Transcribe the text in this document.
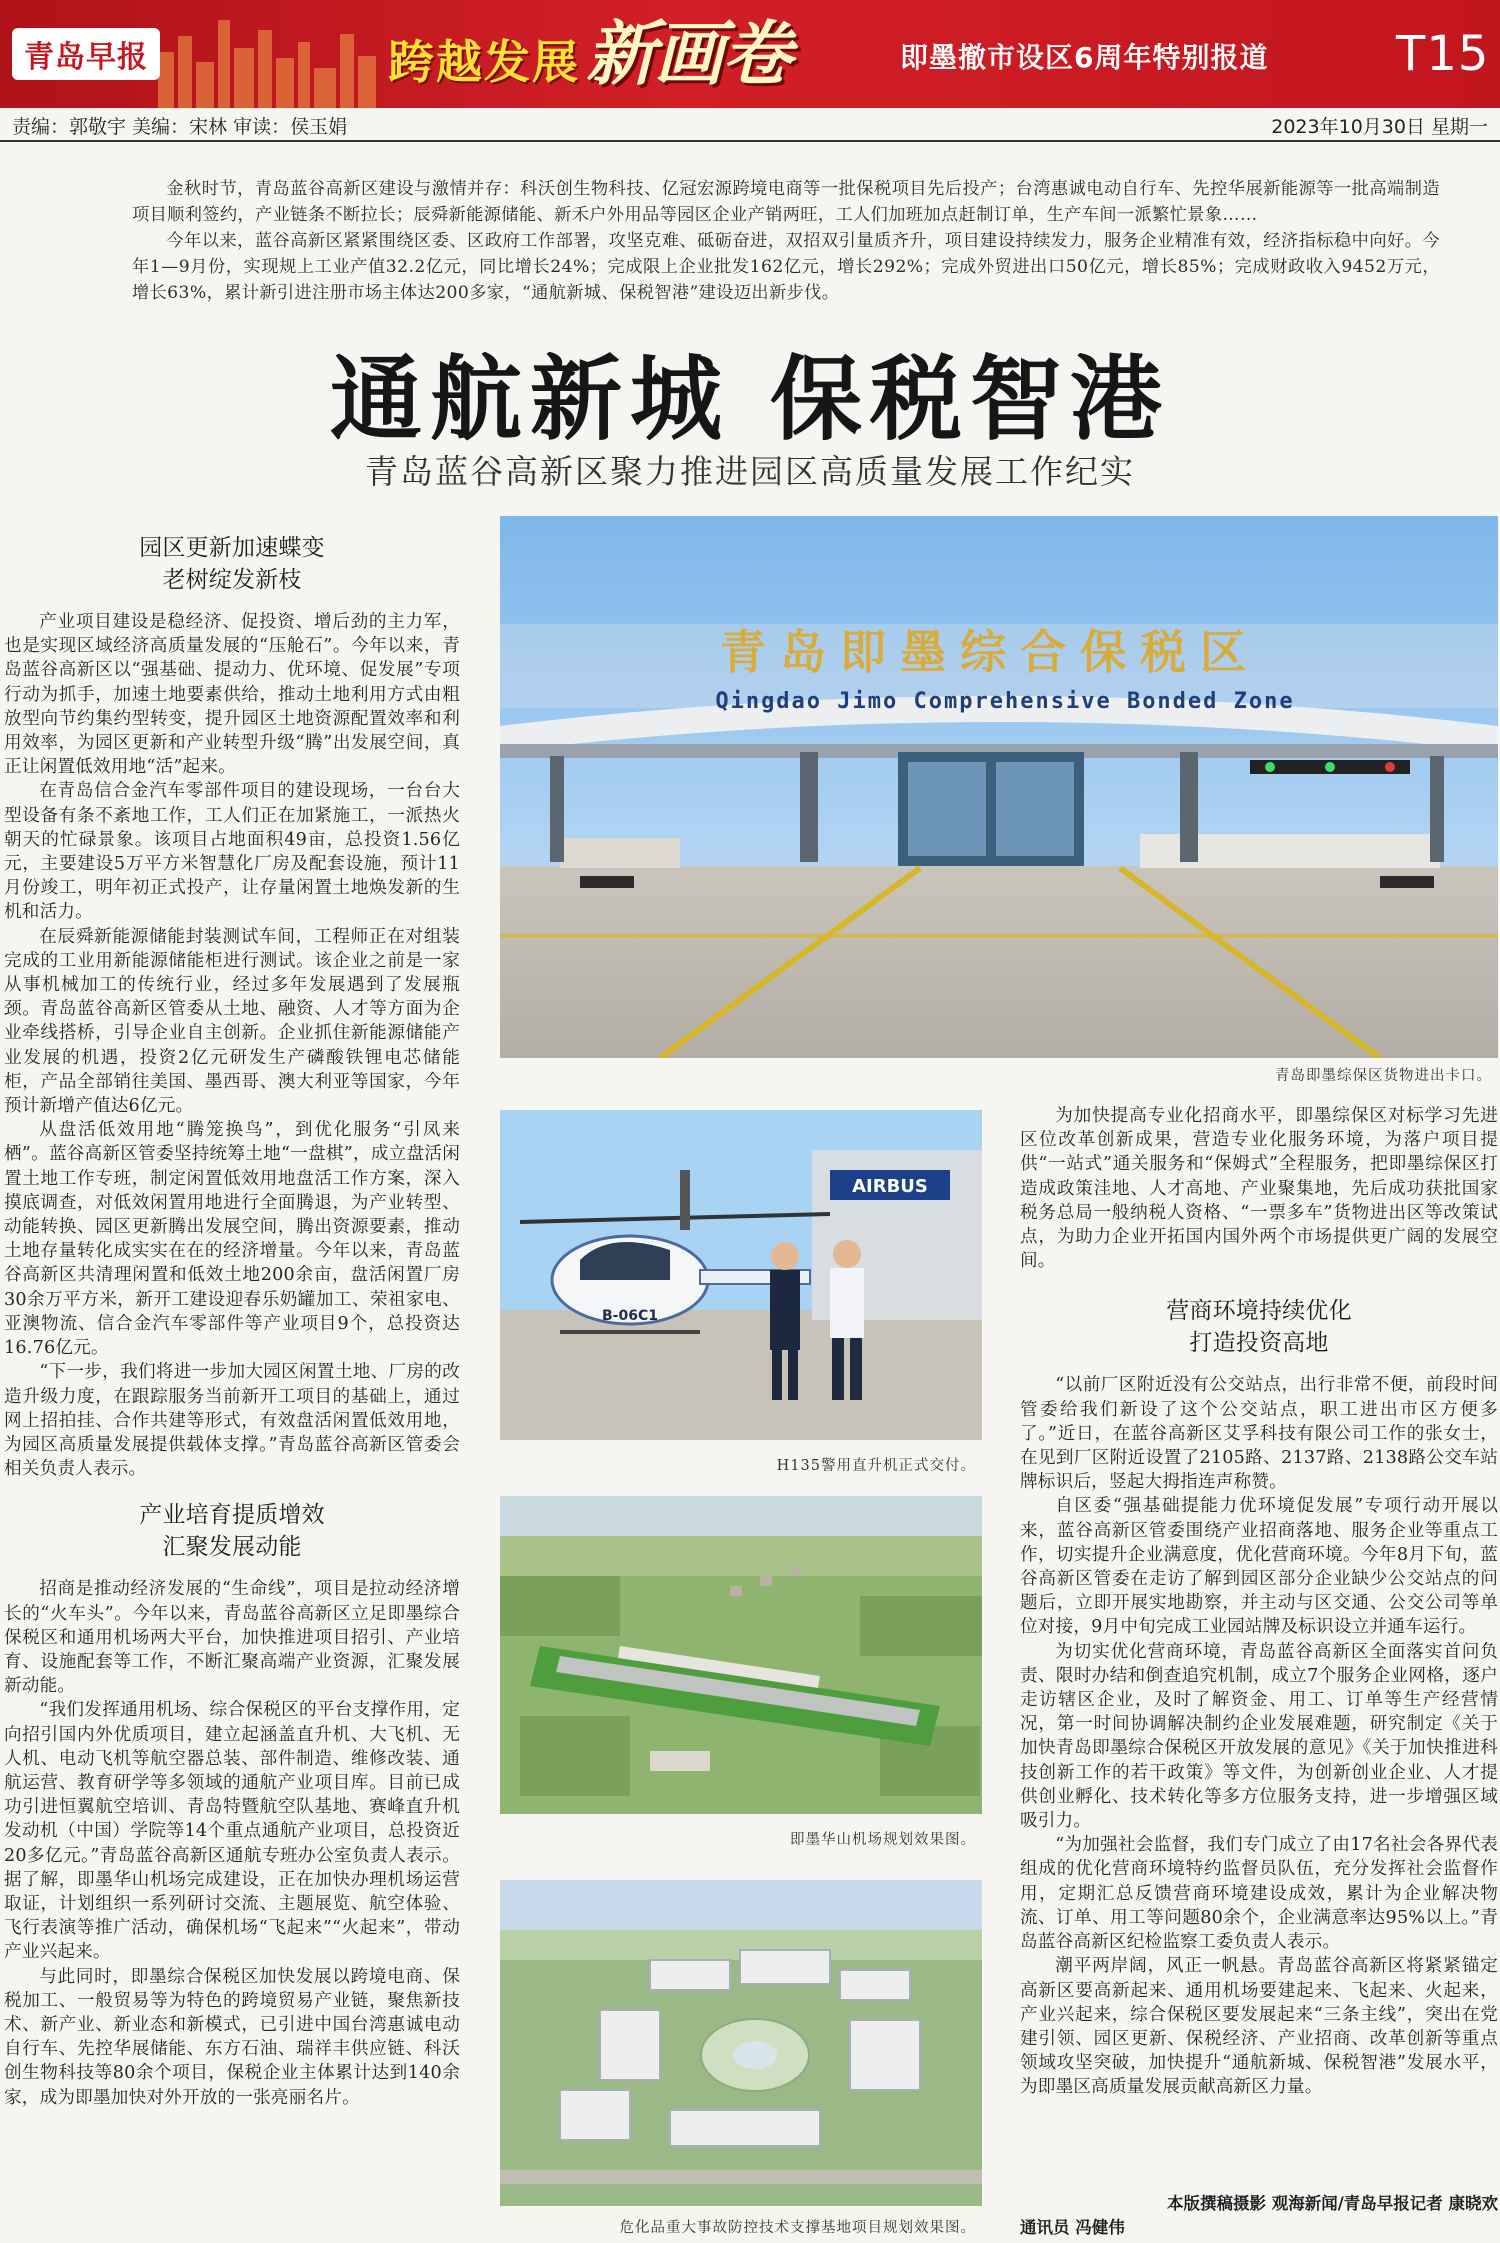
青岛早报	跨越发展 新画卷	即墨撤市设区6周年特别报道	T15
责编：郭敬宇 美编：宋林 审读：侯玉娟	2023年10月30日 星期一

金秋时节，青岛蓝谷高新区建设与激情并存：科沃创生物科技、亿冠宏源跨境电商等一批保税项目先后投产；台湾惠诚电动自行车、先控华展新能源等一批高端制造项目顺利签约，产业链条不断拉长；辰舜新能源储能、新禾户外用品等园区企业产销两旺，工人们加班加点赶制订单，生产车间一派繁忙景象……

今年以来，蓝谷高新区紧紧围绕区委、区政府工作部署，攻坚克难、砥砺奋进，双招双引量质齐升，项目建设持续发力，服务企业精准有效，经济指标稳中向好。今年1—9月份，实现规上工业产值32.2亿元，同比增长24%；完成限上企业批发162亿元，增长292%；完成外贸进出口50亿元，增长85%；完成财政收入9452万元，增长63%，累计新引进注册市场主体达200多家，“通航新城、保税智港”建设迈出新步伐。

通航新城 保税智港
青岛蓝谷高新区聚力推进园区高质量发展工作纪实
园区更新加速蝶变
老树绽发新枝

产业项目建设是稳经济、促投资、增后劲的主力军，也是实现区域经济高质量发展的“压舱石”。今年以来，青岛蓝谷高新区以“强基础、提动力、优环境、促发展”专项行动为抓手，加速土地要素供给，推动土地利用方式由粗放型向节约集约型转变，提升园区土地资源配置效率和利用效率，为园区更新和产业转型升级“腾”出发展空间，真正让闲置低效用地“活”起来。

在青岛信合金汽车零部件项目的建设现场，一台台大型设备有条不紊地工作，工人们正在加紧施工，一派热火朝天的忙碌景象。该项目占地面积49亩，总投资1.56亿元，主要建设5万平方米智慧化厂房及配套设施，预计11月份竣工，明年初正式投产，让存量闲置土地焕发新的生机和活力。

在辰舜新能源储能封装测试车间，工程师正在对组装完成的工业用新能源储能柜进行测试。该企业之前是一家从事机械加工的传统行业，经过多年发展遇到了发展瓶颈。青岛蓝谷高新区管委从土地、融资、人才等方面为企业牵线搭桥，引导企业自主创新。企业抓住新能源储能产业发展的机遇，投资2亿元研发生产磷酸铁锂电芯储能柜，产品全部销往美国、墨西哥、澳大利亚等国家，今年预计新增产值达6亿元。

从盘活低效用地“腾笼换鸟”，到优化服务“引凤来栖”。蓝谷高新区管委坚持统筹土地“一盘棋”，成立盘活闲置土地工作专班，制定闲置低效用地盘活工作方案，深入摸底调查，对低效闲置用地进行全面腾退，为产业转型、动能转换、园区更新腾出发展空间，腾出资源要素，推动土地存量转化成实实在在的经济增量。今年以来，青岛蓝谷高新区共清理闲置和低效土地200余亩，盘活闲置厂房30余万平方米，新开工建设迎春乐奶罐加工、荣祖家电、亚澳物流、信合金汽车零部件等产业项目9个，总投资达16.76亿元。

“下一步，我们将进一步加大园区闲置土地、厂房的改造升级力度，在跟踪服务当前新开工项目的基础上，通过网上招拍挂、合作共建等形式，有效盘活闲置低效用地，为园区高质量发展提供载体支撑。”青岛蓝谷高新区管委会相关负责人表示。

产业培育提质增效
汇聚发展动能

招商是推动经济发展的“生命线”，项目是拉动经济增长的“火车头”。今年以来，青岛蓝谷高新区立足即墨综合保税区和通用机场两大平台，加快推进项目招引、产业培育、设施配套等工作，不断汇聚高端产业资源，汇聚发展新动能。

“我们发挥通用机场、综合保税区的平台支撑作用，定向招引国内外优质项目，建立起涵盖直升机、大飞机、无人机、电动飞机等航空器总装、部件制造、维修改装、通航运营、教育研学等多领域的通航产业项目库。目前已成功引进恒翼航空培训、青岛特暨航空队基地、赛峰直升机发动机（中国）学院等14个重点通航产业项目，总投资近20多亿元。”青岛蓝谷高新区通航专班办公室负责人表示。据了解，即墨华山机场完成建设，正在加快办理机场运营取证，计划组织一系列研讨交流、主题展览、航空体验、飞行表演等推广活动，确保机场“飞起来”“火起来”，带动产业兴起来。

与此同时，即墨综合保税区加快发展以跨境电商、保税加工、一般贸易等为特色的跨境贸易产业链，聚焦新技术、新产业、新业态和新模式，已引进中国台湾惠诚电动自行车、先控华展储能、东方石油、瑞祥丰供应链、科沃创生物科技等80余个项目，保税企业主体累计达到140余家，成为即墨加快对外开放的一张亮丽名片。

青岛即墨综合保税区
Qingdao Jimo Comprehensive Bonded Zone
青岛即墨综保区货物进出卡口。

为加快提高专业化招商水平，即墨综保区对标学习先进区位改革创新成果，营造专业化服务环境，为落户项目提供“一站式”通关服务和“保姆式”全程服务，把即墨综保区打造成政策洼地、人才高地、产业聚集地，先后成功获批国家税务总局一般纳税人资格、“一票多车”货物进出区等改策试点，为助力企业开拓国内国外两个市场提供更广阔的发展空间。

营商环境持续优化
打造投资高地

“以前厂区附近没有公交站点，出行非常不便，前段时间管委给我们新设了这个公交站点，职工进出市区方便多了。”近日，在蓝谷高新区艾孚科技有限公司工作的张女士，在见到厂区附近设置了2105路、2137路、2138路公交车站牌标识后，竖起大拇指连声称赞。

自区委“强基础提能力优环境促发展”专项行动开展以来，蓝谷高新区管委围绕产业招商落地、服务企业等重点工作，切实提升企业满意度，优化营商环境。今年8月下旬，蓝谷高新区管委在走访了解到园区部分企业缺少公交站点的问题后，立即开展实地勘察，并主动与区交通、公交公司等单位对接，9月中旬完成工业园站牌及标识设立并通车运行。

为切实优化营商环境，青岛蓝谷高新区全面落实首问负责、限时办结和倒查追究机制，成立7个服务企业网格，逐户走访辖区企业，及时了解资金、用工、订单等生产经营情况，第一时间协调解决制约企业发展难题，研究制定《关于加快青岛即墨综合保税区开放发展的意见》《关于加快推进科技创新工作的若干政策》等文件，为创新创业企业、人才提供创业孵化、技术转化等多方位服务支持，进一步增强区域吸引力。

“为加强社会监督，我们专门成立了由17名社会各界代表组成的优化营商环境特约监督员队伍，充分发挥社会监督作用，定期汇总反馈营商环境建设成效，累计为企业解决物流、订单、用工等问题80余个，企业满意率达95%以上。”青岛蓝谷高新区纪检监察工委负责人表示。

潮平两岸阔，风正一帆悬。青岛蓝谷高新区将紧紧锚定高新区要高新起来、通用机场要建起来、飞起来、火起来，产业兴起来，综合保税区要发展起来“三条主线”，突出在党建引领、园区更新、保税经济、产业招商、改革创新等重点领域攻坚突破，加快提升“通航新城、保税智港”发展水平，为即墨区高质量发展贡献高新区力量。

AIRBUS
B-06C1
H135警用直升机正式交付。
即墨华山机场规划效果图。
危化品重大事故防控技术支撑基地项目规划效果图。
本版撰稿摄影 观海新闻/青岛早报记者 康晓欢
通讯员 冯健伟
